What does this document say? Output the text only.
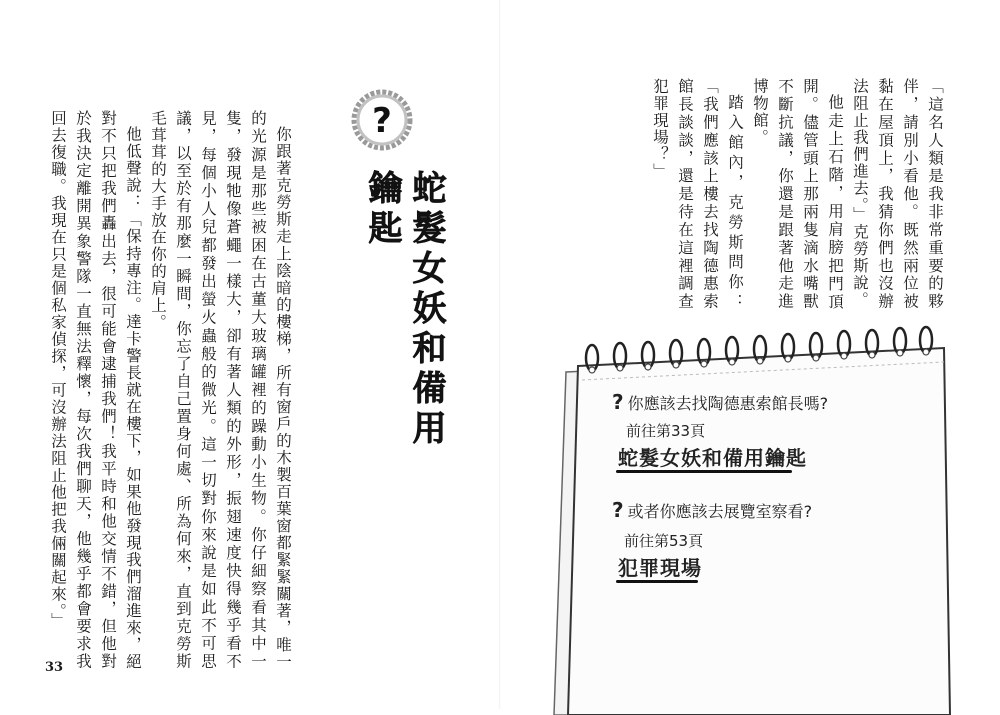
你跟著克勞斯走上陰暗的樓梯，所有窗戶的木製百葉窗都緊緊關著，唯一的光源是那些被困在古董大玻璃罐裡的躁動小生物。你仔細察看其中一隻，發現牠像蒼蠅一樣大，卻有著人類的外形，振翅速度快得幾乎看不見，每個小人兒都發出螢火蟲般的微光。這一切對你來說是如此不可思議，以至於有那麼一瞬間，你忘了自己置身何處、所為何來，直到克勞斯毛茸茸的大手放在你的肩上。

他低聲說：「保持專注。達卡警長就在樓下，如果他發現我們溜進來，絕對不只把我們轟出去，很可能會逮捕我們！我平時和他交情不錯，但他對於我決定離開異象警隊一直無法釋懷，每次我們聊天，他幾乎都會要求我回去復職。我現在只是個私家偵探，可沒辦法阻止他把我倆關起來。」

33
?
蛇髮女妖和備用鑰匙	「這名人類是我非常重要的夥伴，請別小看他。既然兩位被黏在屋頂上，我猜你們也沒辦法阻止我們進去。」克勞斯說。

他走上石階，用肩膀把門頂開。儘管頭上那兩隻滴水嘴獸不斷抗議，你還是跟著他走進博物館。

踏入館內，克勞斯問你：「我們應該上樓去找陶德惠索館長談談，還是待在這裡調查犯罪現場？」

? 你應該去找陶德惠索館長嗎?
前往第33頁
蛇髮女妖和備用鑰匙
? 或者你應該去展覽室察看?
前往第53頁
犯罪現場
